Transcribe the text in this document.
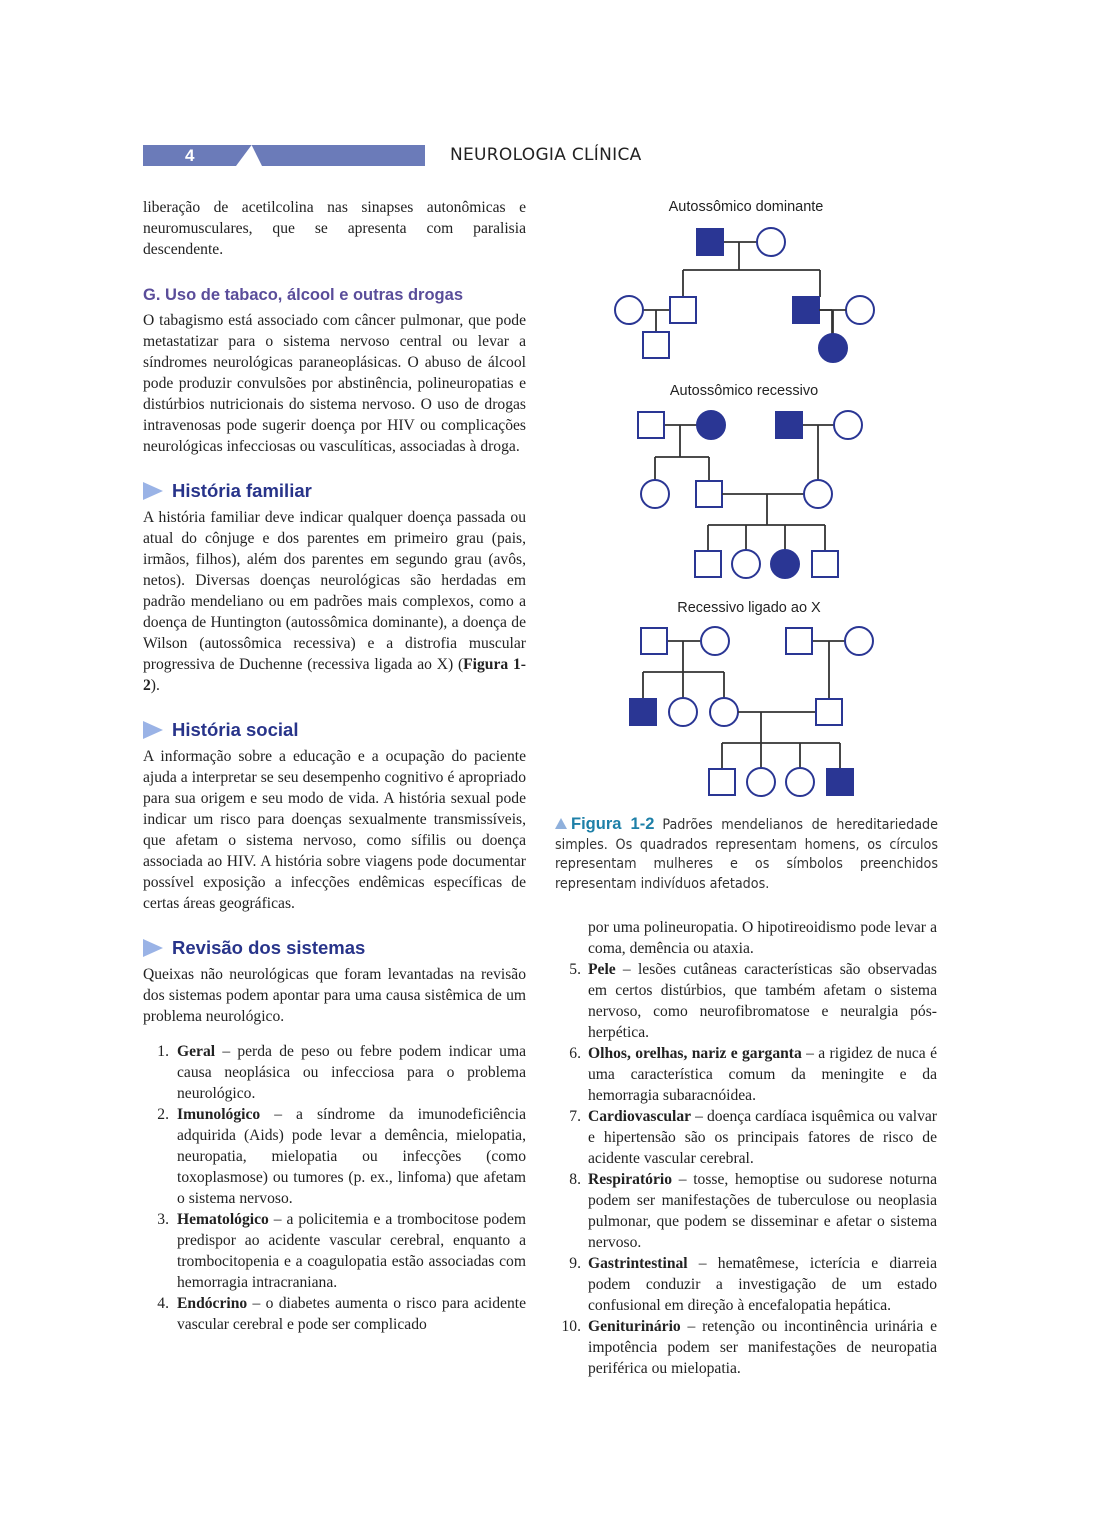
4	NEUROLOGIA CLÍNICA

liberação de acetilcolina nas sinapses autonômicas e neuromusculares, que se apresenta com paralisia descendente.

G. Uso de tabaco, álcool e outras drogas

O tabagismo está associado com câncer pulmonar, que pode metastatizar para o sistema nervoso central ou levar a síndromes neurológicas paraneoplásicas. O abuso de álcool pode produzir convulsões por abstinência, polineuropatias e distúrbios nutricionais do sistema nervoso. O uso de drogas intravenosas pode sugerir doença por HIV ou complicações neurológicas infecciosas ou vasculíticas, associadas à droga.

História familiar

A história familiar deve indicar qualquer doença passada ou atual do cônjuge e dos parentes em primeiro grau (pais, irmãos, filhos), além dos parentes em segundo grau (avôs, netos). Diversas doenças neurológicas são herdadas em padrão mendeliano ou em padrões mais complexos, como a doença de Huntington (autossômica dominante), a doença de Wilson (autossômica recessiva) e a distrofia muscular progressiva de Duchenne (recessiva ligada ao X) (Figura 1-2).

História social

A informação sobre a educação e a ocupação do paciente ajuda a interpretar se seu desempenho cognitivo é apropriado para sua origem e seu modo de vida. A história sexual pode indicar um risco para doenças sexualmente transmissíveis, que afetam o sistema nervoso, como sífilis ou doença associada ao HIV. A história sobre viagens pode documentar possível exposição a infecções endêmicas específicas de certas áreas geográficas.

Revisão dos sistemas

Queixas não neurológicas que foram levantadas na revisão dos sistemas podem apontar para uma causa sistêmica de um problema neurológico.

1. Geral – perda de peso ou febre podem indicar uma causa neoplásica ou infecciosa para o problema neurológico.
2. Imunológico – a síndrome da imunodeficiência adquirida (Aids) pode levar a demência, mielopatia, neuropatia, mielopatia ou infecções (como toxoplasmose) ou tumores (p. ex., linfoma) que afetam o sistema nervoso.
3. Hematológico – a policitemia e a trombocitose podem predispor ao acidente vascular cerebral, enquanto a trombocitopenia e a coagulopatia estão associadas com hemorragia intracraniana.
4. Endócrino – o diabetes aumenta o risco para acidente vascular cerebral e pode ser complicado
Autossômico dominante
Autossômico recessivo
Recessivo ligado ao X
Figura 1-2 Padrões mendelianos de hereditariedade simples. Os quadrados representam homens, os círculos representam mulheres e os símbolos preenchidos representam indivíduos afetados.

por uma polineuropatia. O hipotireoidismo pode levar a coma, demência ou ataxia.

5. Pele – lesões cutâneas características são observadas em certos distúrbios, que também afetam o sistema nervoso, como neurofibromatose e neuralgia pós-herpética.
6. Olhos, orelhas, nariz e garganta – a rigidez de nuca é uma característica comum da meningite e da hemorragia subaracnóidea.
7. Cardiovascular – doença cardíaca isquêmica ou valvar e hipertensão são os principais fatores de risco de acidente vascular cerebral.
8. Respiratório – tosse, hemoptise ou sudorese noturna podem ser manifestações de tuberculose ou neoplasia pulmonar, que podem se disseminar e afetar o sistema nervoso.
9. Gastrintestinal – hematêmese, icterícia e diarreia podem conduzir a investigação de um estado confusional em direção à encefalopatia hepática.
10. Geniturinário – retenção ou incontinência urinária e impotência podem ser manifestações de neuropatia periférica ou mielopatia.
